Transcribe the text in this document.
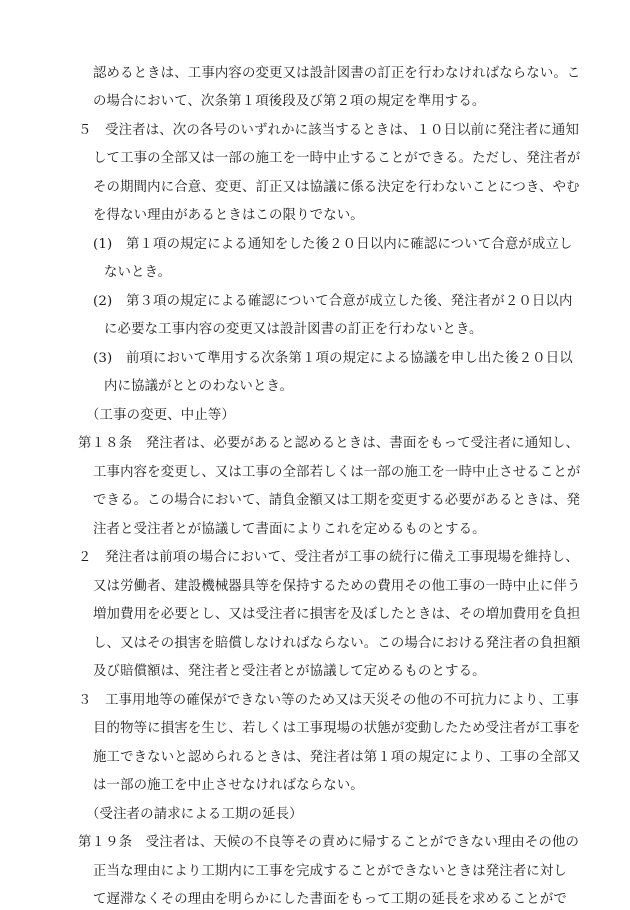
認めるときは、工事内容の変更又は設計図書の訂正を行わなければならない。こ
の場合において、次条第１項後段及び第２項の規定を準用する。
５　受注者は、次の各号のいずれかに該当するときは、１０日以前に発注者に通知
して工事の全部又は一部の施工を一時中止することができる。ただし、発注者が
その期間内に合意、変更、訂正又は協議に係る決定を行わないことにつき、やむ
を得ない理由があるときはこの限りでない。
(1)　第１項の規定による通知をした後２０日以内に確認について合意が成立し
ないとき。
(2)　第３項の規定による確認について合意が成立した後、発注者が２０日以内
に必要な工事内容の変更又は設計図書の訂正を行わないとき。
(3)　前項において準用する次条第１項の規定による協議を申し出た後２０日以
内に協議がととのわないとき。
（工事の変更、中止等）
第１８条　発注者は、必要があると認めるときは、書面をもって受注者に通知し、
工事内容を変更し、又は工事の全部若しくは一部の施工を一時中止させることが
できる。この場合において、請負金額又は工期を変更する必要があるときは、発
注者と受注者とが協議して書面によりこれを定めるものとする。
２　発注者は前項の場合において、受注者が工事の続行に備え工事現場を維持し、
又は労働者、建設機械器具等を保持するための費用その他工事の一時中止に伴う
増加費用を必要とし、又は受注者に損害を及ぼしたときは、その増加費用を負担
し、又はその損害を賠償しなければならない。この場合における発注者の負担額
及び賠償額は、発注者と受注者とが協議して定めるものとする。
３　工事用地等の確保ができない等のため又は天災その他の不可抗力により、工事
目的物等に損害を生じ、若しくは工事現場の状態が変動したため受注者が工事を
施工できないと認められるときは、発注者は第１項の規定により、工事の全部又
は一部の施工を中止させなければならない。
（受注者の請求による工期の延長）
第１９条　受注者は、天候の不良等その責めに帰することができない理由その他の
正当な理由により工期内に工事を完成することができないときは発注者に対し
て遅滞なくその理由を明らかにした書面をもって工期の延長を求めることがで
